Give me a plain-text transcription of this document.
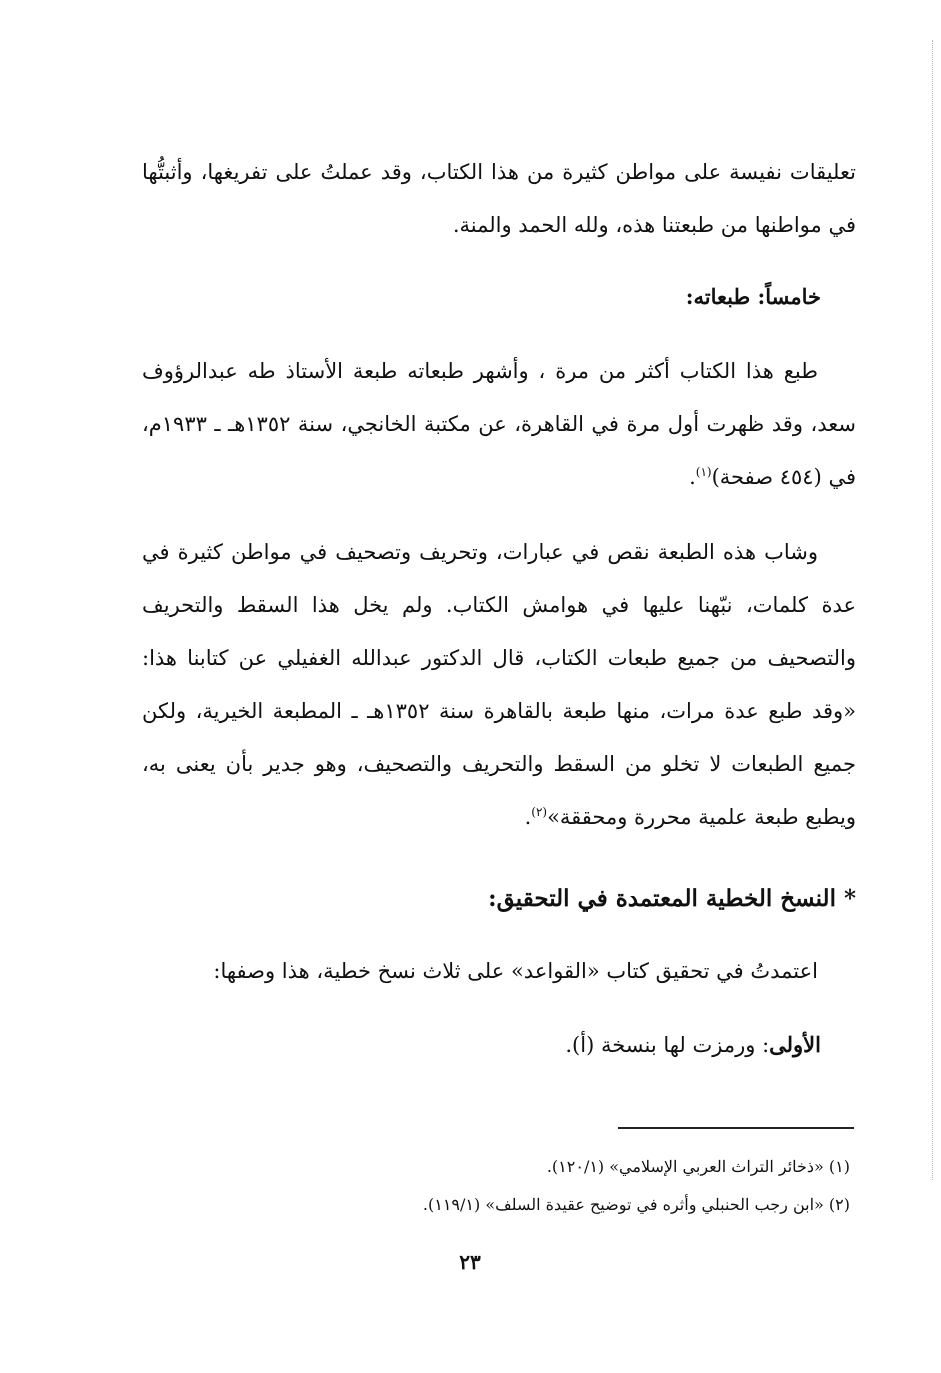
تعليقات نفيسة على مواطن كثيرة من هذا الكتاب، وقد عملتُ على تفريغها، وأثبتُّها في مواطنها من طبعتنا هذه، ولله الحمد والمنة.

خامساً: طبعاته:

طبع هذا الكتاب أكثر من مرة ، وأشهر طبعاته طبعة الأستاذ طه عبدالرؤوف سعد، وقد ظهرت أول مرة في القاهرة، عن مكتبة الخانجي، سنة ١٣٥٢هـ ـ ١٩٣٣م، في (٤٥٤ صفحة)$^{(١)}$.

وشاب هذه الطبعة نقص في عبارات، وتحريف وتصحيف في مواطن كثيرة في عدة كلمات، نبّهنا عليها في هوامش الكتاب. ولم يخل هذا السقط والتحريف والتصحيف من جميع طبعات الكتاب، قال الدكتور عبدالله الغفيلي عن كتابنا هذا: «وقد طبع عدة مرات، منها طبعة بالقاهرة سنة ١٣٥٢هـ ـ المطبعة الخيرية، ولكن جميع الطبعات لا تخلو من السقط والتحريف والتصحيف، وهو جدير بأن يعنى به، ويطبع طبعة علمية محررة ومحققة»$^{(٢)}$.

*النسخ الخطية المعتمدة في التحقيق:

اعتمدتُ في تحقيق كتاب «القواعد» على ثلاث نسخ خطية، هذا وصفها:

الأولى: ورمزت لها بنسخة (أ).

(١) «ذخائر التراث العربي الإسلامي» (١٢٠/١).

(٢) «ابن رجب الحنبلي وأثره في توضيح عقيدة السلف» (١١٩/١).

٢٣
